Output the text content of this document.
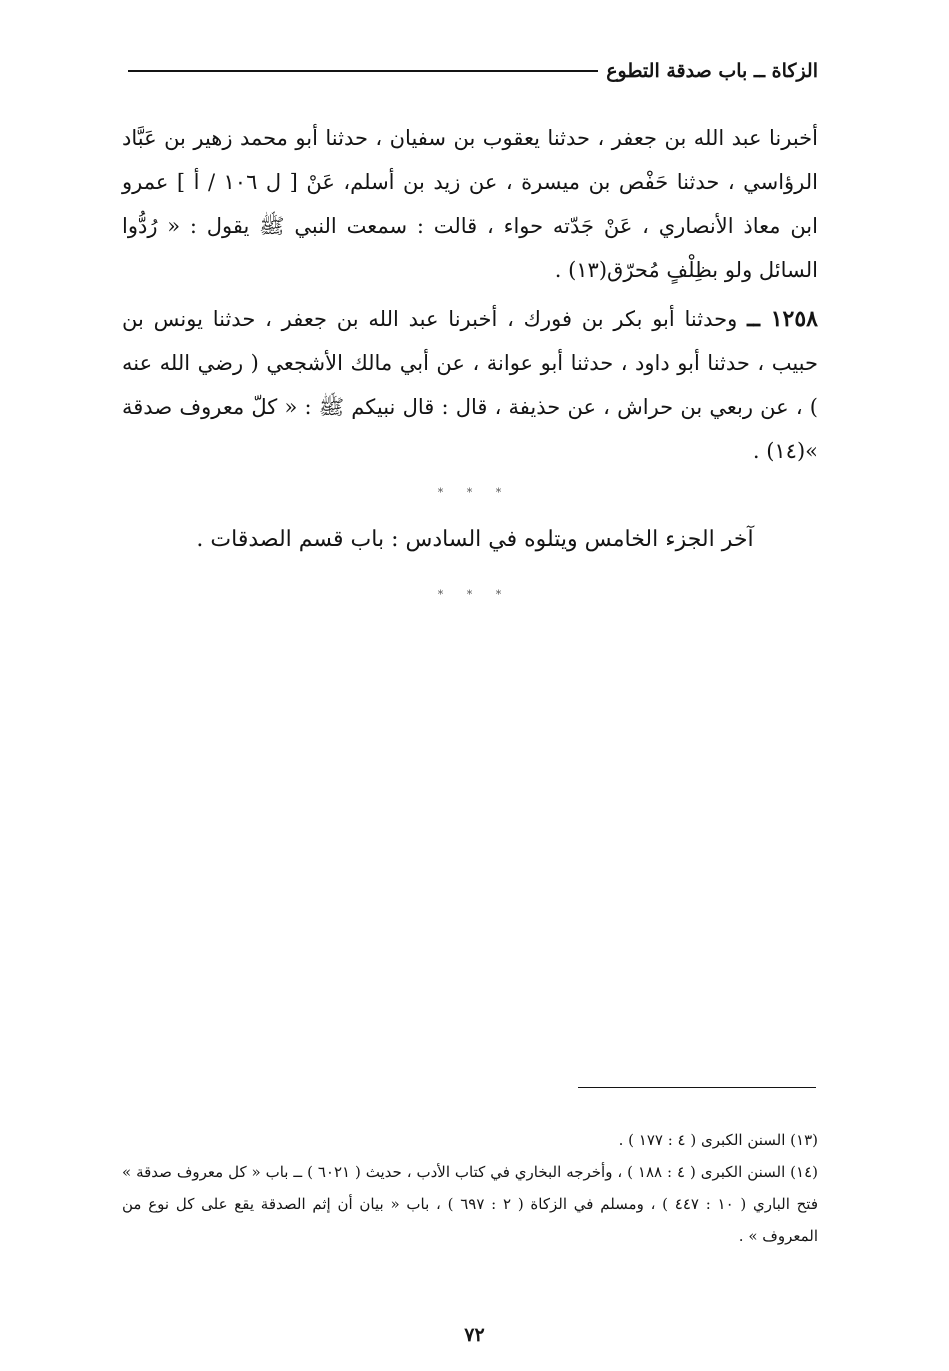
الزكاة ــ باب صدقة التطوع
أخبرنا عبد الله بن جعفر ، حدثنا يعقوب بن سفيان ، حدثنا أبو محمد زهير بن عَبَّاد الرؤاسي ، حدثنا حَفْص بن ميسرة ، عن زيد بن أسلم، عَنْ [ ل ١٠٦ / أ ] عمرو ابن معاذ الأنصاري ، عَنْ جَدّته حواء ، قالت : سمعت النبي ﷺ يقول : « رُدُّوا السائل ولو بظِلْفٍ مُحرّق(١٣) .
١٢٥٨ ــ وحدثنا أبو بكر بن فورك ، أخبرنا عبد الله بن جعفر ، حدثنا يونس بن حبيب ، حدثنا أبو داود ، حدثنا أبو عوانة ، عن أبي مالك الأشجعي ( رضي الله عنه ) ، عن ربعي بن حراش ، عن حذيفة ، قال : قال نبيكم ﷺ : « كلّ معروف صدقة »(١٤) .
* * *
آخر الجزء الخامس ويتلوه في السادس : باب قسم الصدقات .
* * *

(١٣) السنن الكبرى ( ٤ : ١٧٧ ) .

(١٤) السنن الكبرى ( ٤ : ١٨٨ ) ، وأخرجه البخاري في كتاب الأدب ، حديث ( ٦٠٢١ ) ــ باب « كل معروف صدقة » فتح الباري ( ١٠ : ٤٤٧ ) ، ومسلم في الزكاة ( ٢ : ٦٩٧ ) ، باب « بيان أن إثم الصدقة يقع على كل نوع من المعروف » .

٧٢
